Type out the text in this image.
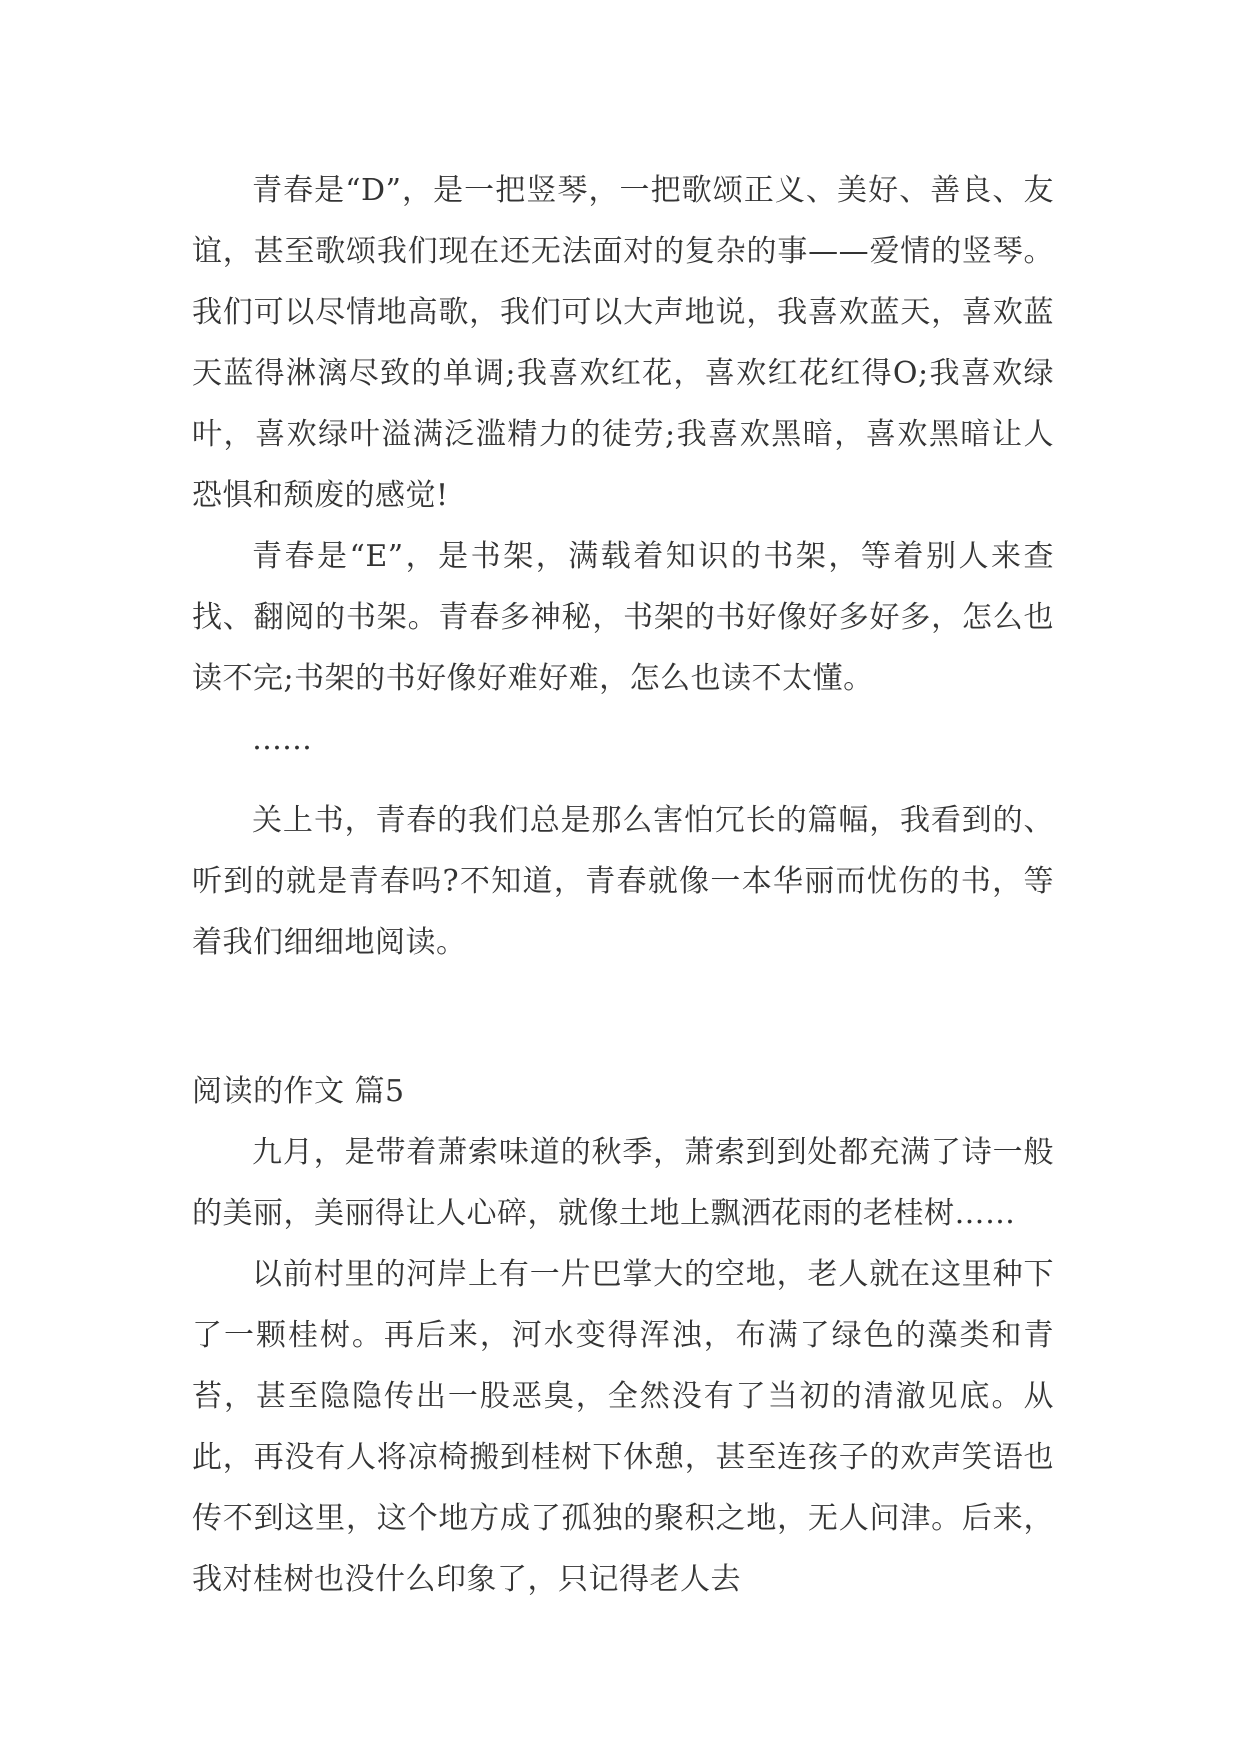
青春是“D”，是一把竖琴，一把歌颂正义、美好、善良、友谊，甚至歌颂我们现在还无法面对的复杂的事——爱情的竖琴。我们可以尽情地高歌，我们可以大声地说，我喜欢蓝天，喜欢蓝天蓝得淋漓尽致的单调;我喜欢红花，喜欢红花红得O;我喜欢绿叶，喜欢绿叶溢满泛滥精力的徒劳;我喜欢黑暗，喜欢黑暗让人恐惧和颓废的感觉!

青春是“E”，是书架，满载着知识的书架，等着别人来查找、翻阅的书架。青春多神秘，书架的书好像好多好多，怎么也读不完;书架的书好像好难好难，怎么也读不太懂。

……

关上书，青春的我们总是那么害怕冗长的篇幅，我看到的、听到的就是青春吗?不知道，青春就像一本华丽而忧伤的书，等着我们细细地阅读。

阅读的作文 篇5

九月，是带着萧索味道的秋季，萧索到到处都充满了诗一般的美丽，美丽得让人心碎，就像土地上飘洒花雨的老桂树……

以前村里的河岸上有一片巴掌大的空地，老人就在这里种下了一颗桂树。再后来，河水变得浑浊，布满了绿色的藻类和青苔，甚至隐隐传出一股恶臭，全然没有了当初的清澈见底。从此，再没有人将凉椅搬到桂树下休憩，甚至连孩子的欢声笑语也传不到这里，这个地方成了孤独的聚积之地，无人问津。后来，我对桂树也没什么印象了，只记得老人去
